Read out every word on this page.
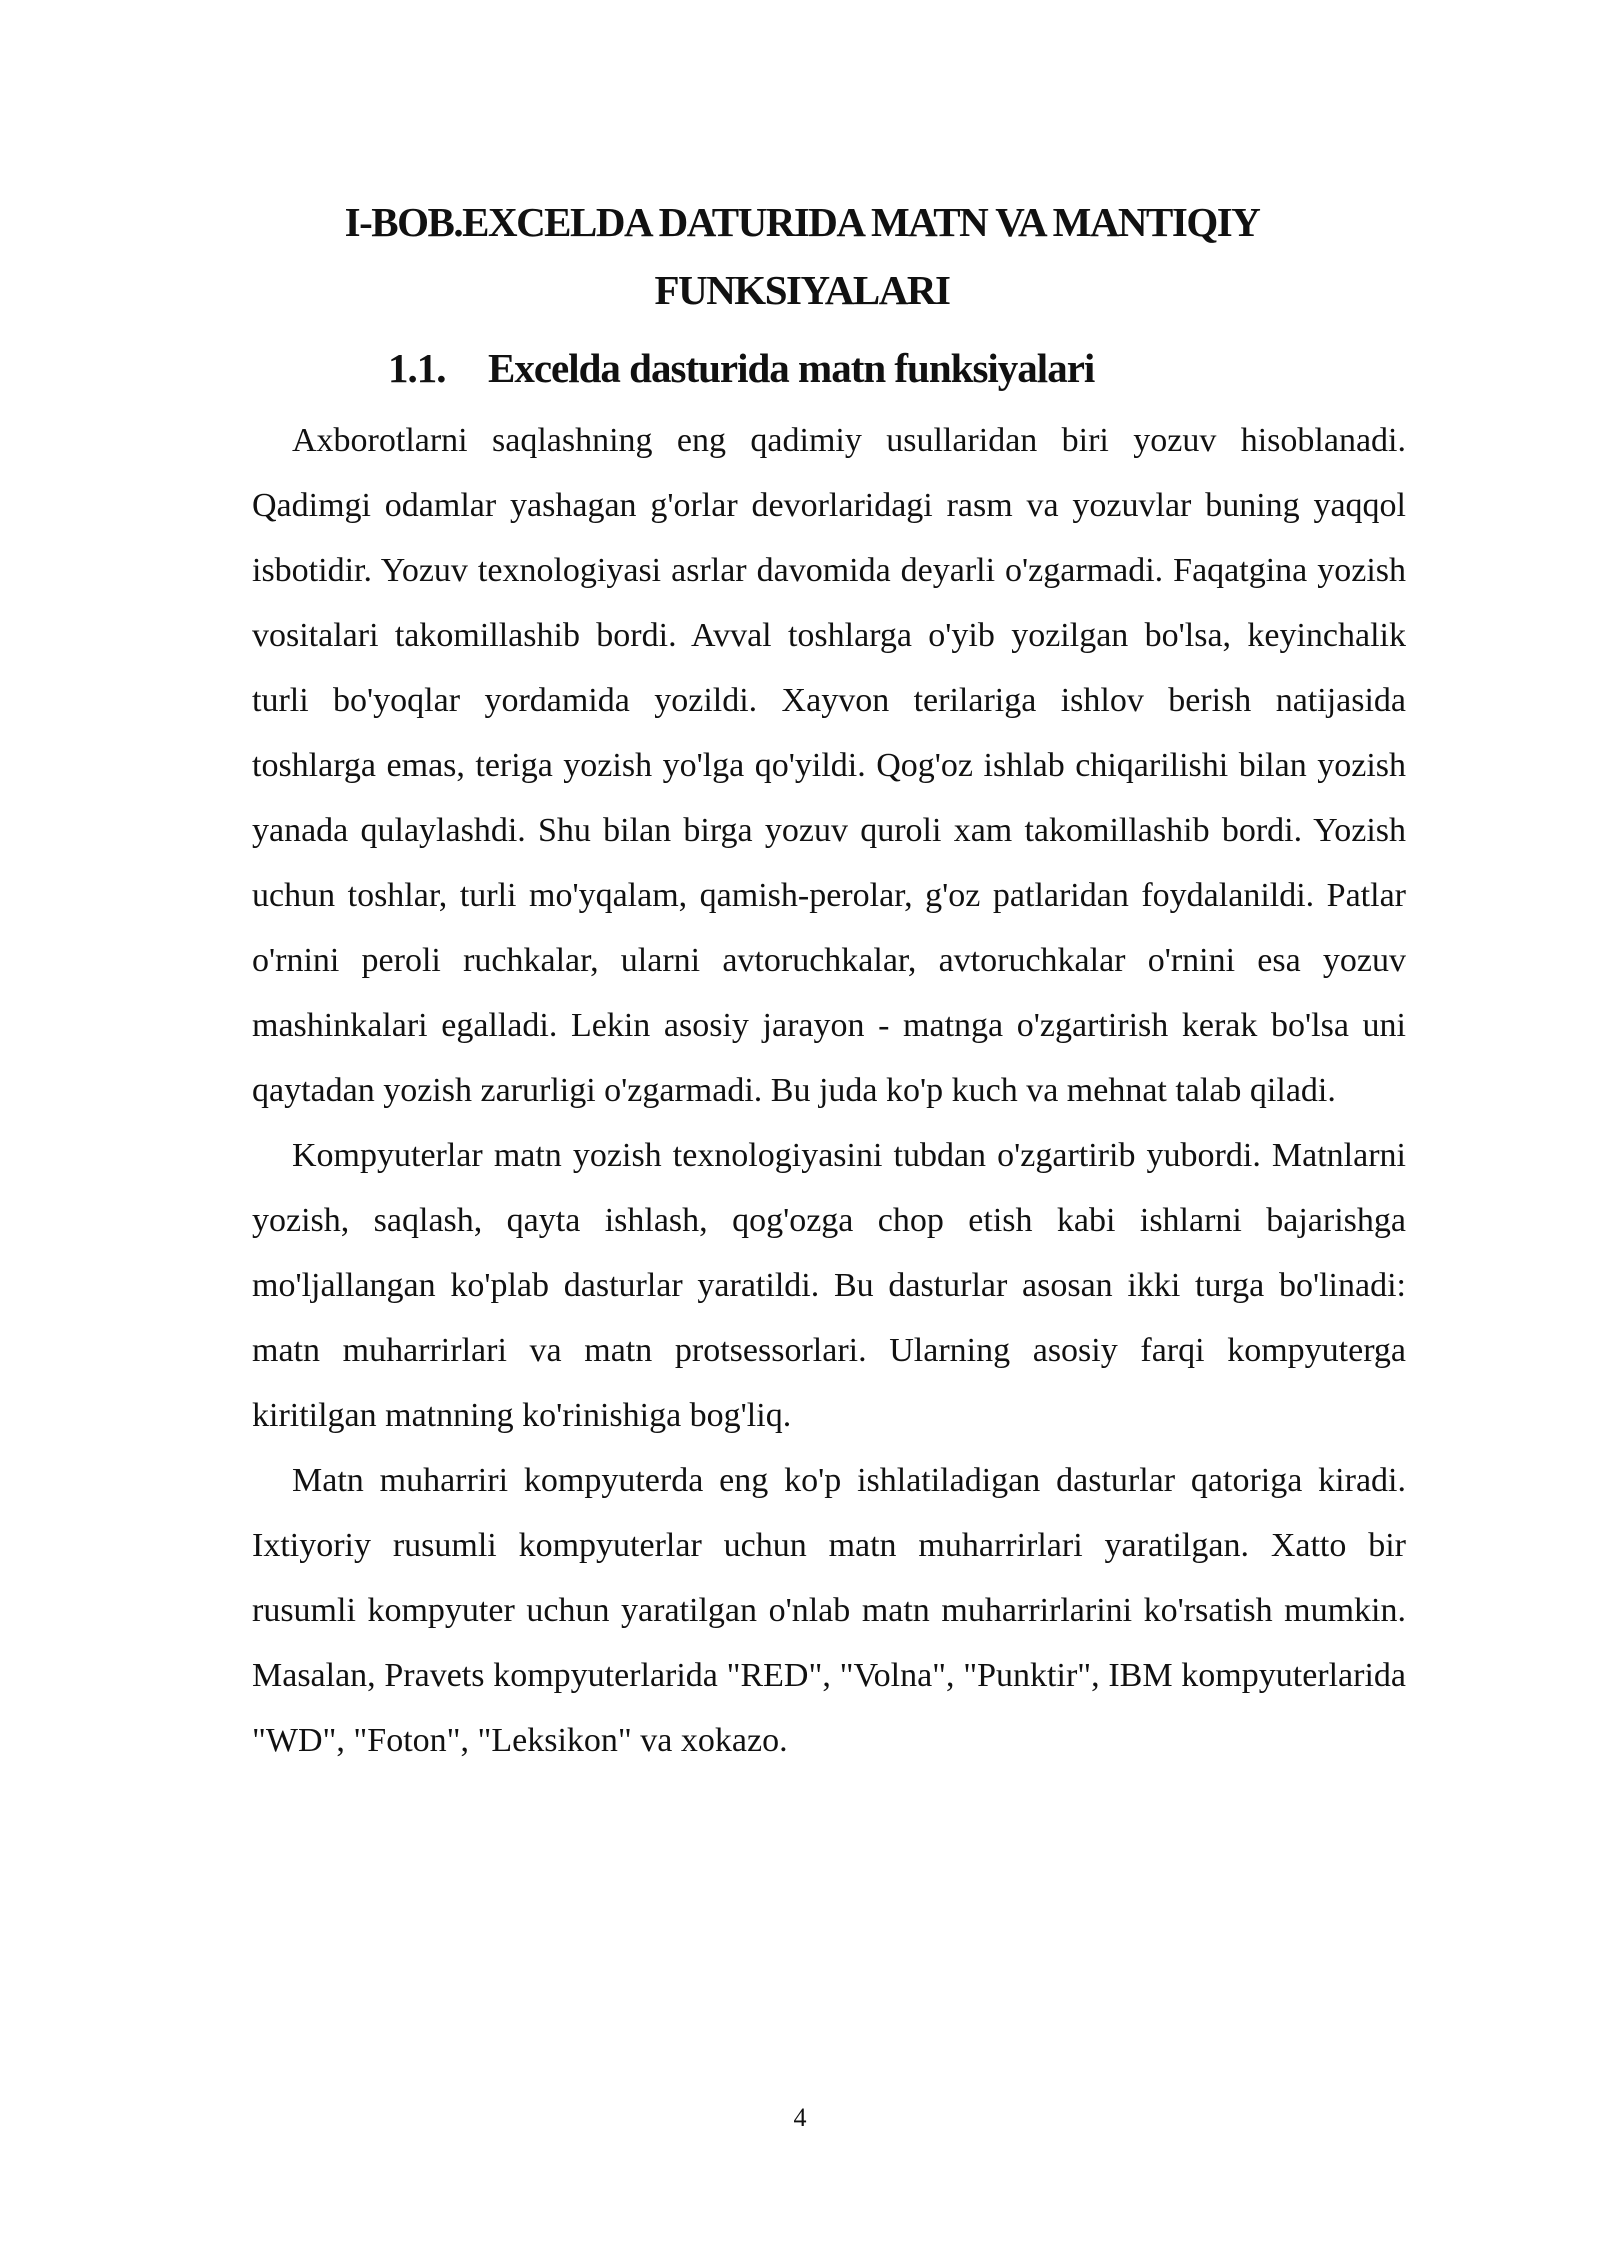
I-BOB.EXCELDA DATURIDA MATN VA MANTIQIY
FUNKSIYALARI
1.1. Excelda dasturida matn funksiyalari

Axborotlarni saqlashning eng qadimiy usullaridan biri yozuv hisoblanadi. Qadimgi odamlar yashagan g'orlar devorlaridagi rasm va yozuvlar buning yaqqol isbotidir. Yozuv texnologiyasi asrlar davomida deyarli o'zgarmadi. Faqatgina yozish vositalari takomillashib bordi. Avval toshlarga o'yib yozilgan bo'lsa, keyinchalik turli bo'yoqlar yordamida yozildi. Xayvon terilariga ishlov berish natijasida toshlarga emas, teriga yozish yo'lga qo'yildi. Qog'oz ishlab chiqarilishi bilan yozish yanada qulaylashdi. Shu bilan birga yozuv quroli xam takomillashib bordi. Yozish uchun toshlar, turli mo'yqalam, qamish-perolar, g'oz patlaridan foydalanildi. Patlar o'rnini peroli ruchkalar, ularni avtoruchkalar, avtoruchkalar o'rnini esa yozuv mashinkalari egalladi. Lekin asosiy jarayon - matnga o'zgartirish kerak bo'lsa uni qaytadan yozish zarurligi o'zgarmadi. Bu juda ko'p kuch va mehnat talab qiladi.

Kompyuterlar matn yozish texnologiyasini tubdan o'zgartirib yubordi. Matnlarni yozish, saqlash, qayta ishlash, qog'ozga chop etish kabi ishlarni bajarishga mo'ljallangan ko'plab dasturlar yaratildi. Bu dasturlar asosan ikki turga bo'linadi: matn muharrirlari va matn protsessorlari. Ularning asosiy farqi kompyuterga kiritilgan matnning ko'rinishiga bog'liq.

Matn muharriri kompyuterda eng ko'p ishlatiladigan dasturlar qatoriga kiradi. Ixtiyoriy rusumli kompyuterlar uchun matn muharrirlari yaratilgan. Xatto bir rusumli kompyuter uchun yaratilgan o'nlab matn muharrirlarini ko'rsatish mumkin. Masalan, Pravets kompyuterlarida "RED", "Volna", "Punktir", IBM kompyuterlarida "WD", "Foton", "Leksikon" va xokazo.

4
